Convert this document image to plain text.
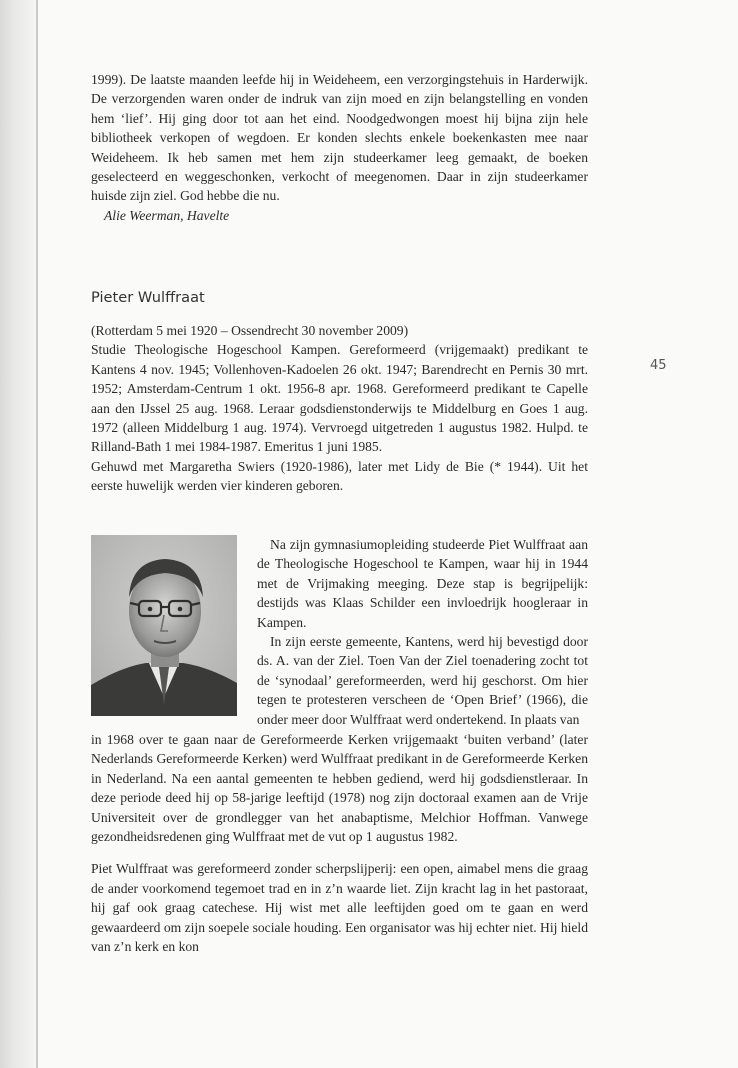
1999). De laatste maanden leefde hij in Weideheem, een verzorgingstehuis in Harderwijk. De verzorgenden waren onder de indruk van zijn moed en zijn belangstelling en vonden hem ‘lief’. Hij ging door tot aan het eind. Noodgedwongen moest hij bijna zijn hele bibliotheek verkopen of wegdoen. Er konden slechts enkele boekenkasten mee naar Weideheem. Ik heb samen met hem zijn studeerkamer leeg gemaakt, de boeken geselecteerd en weggeschonken, verkocht of meegenomen. Daar in zijn studeerkamer huisde zijn ziel. God hebbe die nu.

Alie Weerman, Havelte

Pieter Wulffraat
45

(Rotterdam 5 mei 1920 – Ossendrecht 30 november 2009)

Studie Theologische Hogeschool Kampen. Gereformeerd (vrijgemaakt) predikant te Kantens 4 nov. 1945; Vollenhoven-Kadoelen 26 okt. 1947; Barendrecht en Pernis 30 mrt. 1952; Amsterdam-Centrum 1 okt. 1956-8 apr. 1968. Gereformeerd predikant te Capelle aan den IJssel 25 aug. 1968. Leraar godsdienstonderwijs te Middelburg en Goes 1 aug. 1972 (alleen Middelburg 1 aug. 1974). Vervroegd uitgetreden 1 augustus 1982. Hulpd. te Rilland-Bath 1 mei 1984-1987. Emeritus 1 juni 1985.

Gehuwd met Margaretha Swiers (1920-1986), later met Lidy de Bie (* 1944). Uit het eerste huwelijk werden vier kinderen geboren.

Na zijn gymnasiumopleiding studeerde Piet Wulffraat aan de Theologische Hogeschool te Kampen, waar hij in 1944 met de Vrijmaking meeging. Deze stap is begrijpelijk: destijds was Klaas Schilder een invloedrijk hoogleraar in Kampen.

In zijn eerste gemeente, Kantens, werd hij bevestigd door ds. A. van der Ziel. Toen Van der Ziel toenadering zocht tot de ‘synodaal’ gereformeerden, werd hij geschorst. Om hier tegen te protesteren verscheen de ‘Open Brief’ (1966), die onder meer door Wulffraat werd ondertekend. In plaats van

in 1968 over te gaan naar de Gereformeerde Kerken vrijgemaakt ‘buiten verband’ (later Nederlands Gereformeerde Kerken) werd Wulffraat predikant in de Gereformeerde Kerken in Nederland. Na een aantal gemeenten te hebben gediend, werd hij godsdienstleraar. In deze periode deed hij op 58-jarige leeftijd (1978) nog zijn doctoraal examen aan de Vrije Universiteit over de grondlegger van het anabaptisme, Melchior Hoffman. Vanwege gezondheidsredenen ging Wulffraat met de vut op 1 augustus 1982.

Piet Wulffraat was gereformeerd zonder scherpslijperij: een open, aimabel mens die graag de ander voorkomend tegemoet trad en in z’n waarde liet. Zijn kracht lag in het pastoraat, hij gaf ook graag catechese. Hij wist met alle leeftijden goed om te gaan en werd gewaardeerd om zijn soepele sociale houding. Een organisator was hij echter niet. Hij hield van z’n kerk en kon
